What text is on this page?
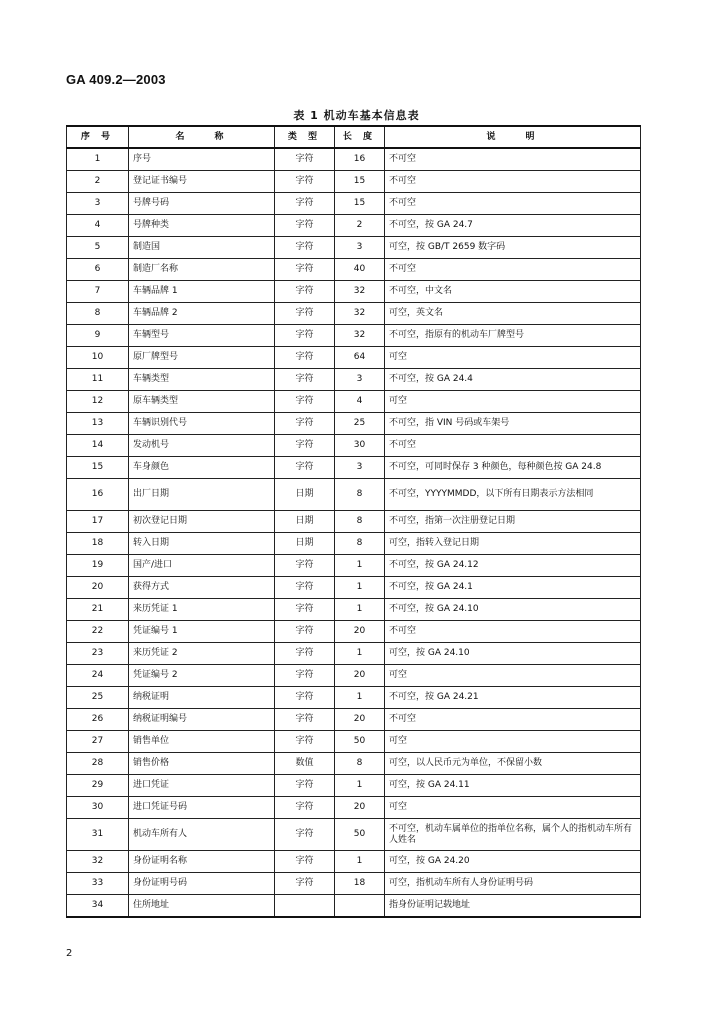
GA 409.2—2003
表 1 机动车基本信息表
序 号	名　　称	类 型	长 度	说　　明
1	序号	字符	16	不可空
2	登记证书编号	字符	15	不可空
3	号牌号码	字符	15	不可空
4	号牌种类	字符	2	不可空，按 GA 24.7
5	制造国	字符	3	可空，按 GB/T 2659 数字码
6	制造厂名称	字符	40	不可空
7	车辆品牌 1	字符	32	不可空，中文名
8	车辆品牌 2	字符	32	可空，英文名
9	车辆型号	字符	32	不可空，指原有的机动车厂牌型号
10	原厂牌型号	字符	64	可空
11	车辆类型	字符	3	不可空，按 GA 24.4
12	原车辆类型	字符	4	可空
13	车辆识别代号	字符	25	不可空，指 VIN 号码或车架号
14	发动机号	字符	30	不可空
15	车身颜色	字符	3	不可空，可同时保存 3 种颜色，每种颜色按 GA 24.8
16	出厂日期	日期	8	不可空，YYYYMMDD，以下所有日期表示方法相同
17	初次登记日期	日期	8	不可空，指第一次注册登记日期
18	转入日期	日期	8	可空，指转入登记日期
19	国产/进口	字符	1	不可空，按 GA 24.12
20	获得方式	字符	1	不可空，按 GA 24.1
21	来历凭证 1	字符	1	不可空，按 GA 24.10
22	凭证编号 1	字符	20	不可空
23	来历凭证 2	字符	1	可空，按 GA 24.10
24	凭证编号 2	字符	20	可空
25	纳税证明	字符	1	不可空，按 GA 24.21
26	纳税证明编号	字符	20	不可空
27	销售单位	字符	50	可空
28	销售价格	数值	8	可空，以人民币元为单位，不保留小数
29	进口凭证	字符	1	可空，按 GA 24.11
30	进口凭证号码	字符	20	可空
31	机动车所有人	字符	50	不可空，机动车属单位的指单位名称，属个人的指机动车所有人姓名
32	身份证明名称	字符	1	可空，按 GA 24.20
33	身份证明号码	字符	18	可空，指机动车所有人身份证明号码
34	住所地址			指身份证明记载地址
2
